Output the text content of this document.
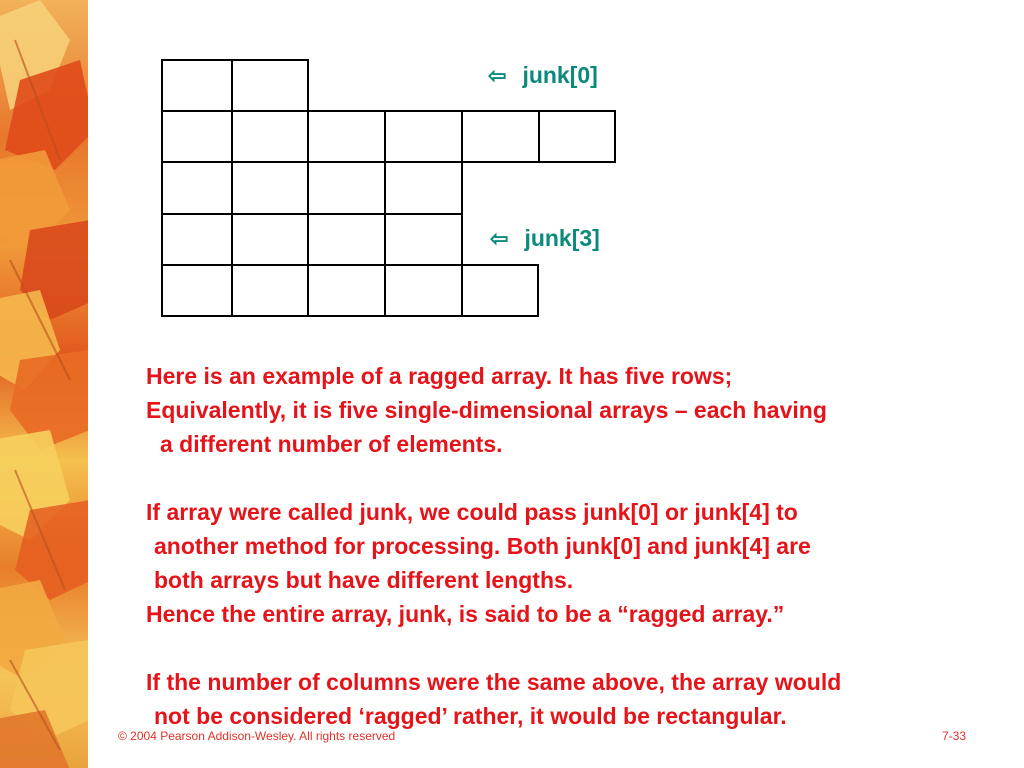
⇦ junk[0]
⇦ junk[3]
Here is an example of a ragged array. It has five rows;
Equivalently, it is five single-dimensional arrays – each having
a different number of elements.
If array were called junk, we could pass junk[0] or junk[4] to
another method for processing. Both junk[0] and junk[4] are
both arrays but have different lengths.
Hence the entire array, junk, is said to be a “ragged array.”
If the number of columns were the same above, the array would
not be considered ‘ragged’ rather, it would be rectangular.
© 2004 Pearson Addison-Wesley. All rights reserved	7-33
